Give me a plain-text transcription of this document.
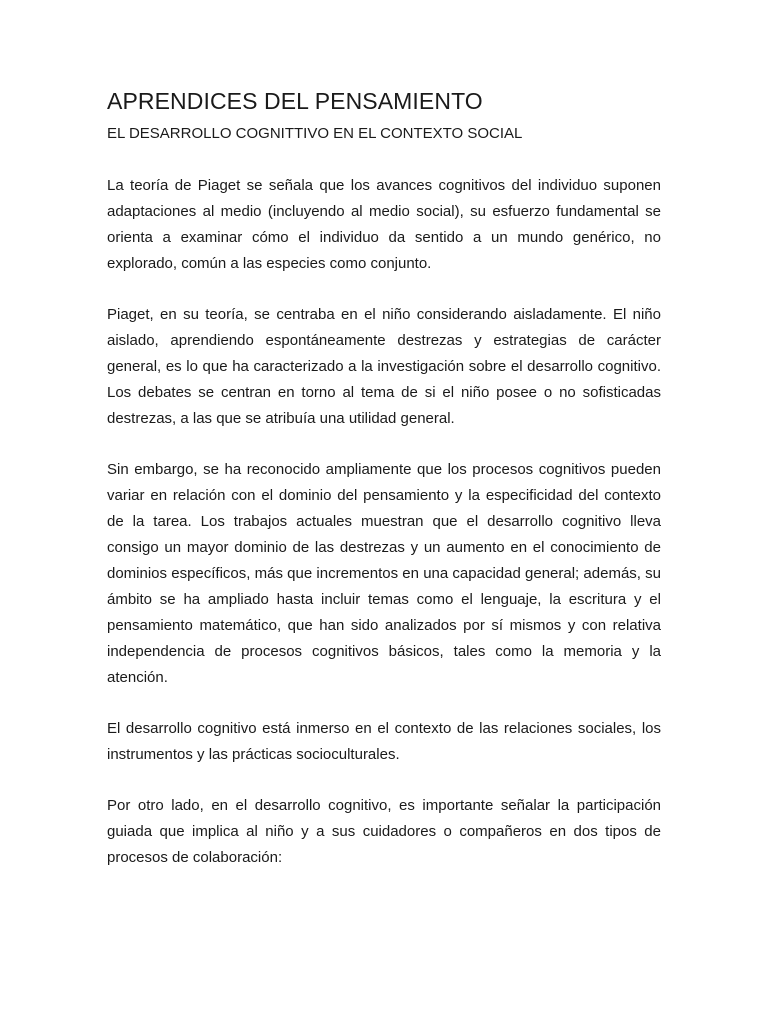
APRENDICES DEL PENSAMIENTO
EL DESARROLLO COGNITTIVO EN EL CONTEXTO SOCIAL

La teoría de Piaget se señala que los avances cognitivos del individuo suponen adaptaciones al medio (incluyendo al medio social), su esfuerzo fundamental se orienta a examinar cómo el individuo da sentido a un mundo genérico, no explorado, común a las especies como conjunto.

Piaget, en su teoría, se centraba en el niño considerando aisladamente. El niño aislado, aprendiendo espontáneamente destrezas y estrategias de carácter general, es lo que ha caracterizado a la investigación sobre el desarrollo cognitivo. Los debates se centran en torno al tema de si el niño posee o no sofisticadas destrezas, a las que se atribuía una utilidad general.

Sin embargo, se ha reconocido ampliamente que los procesos cognitivos pueden variar en relación con el dominio del pensamiento y la especificidad del contexto de la tarea. Los trabajos actuales muestran que el desarrollo cognitivo lleva consigo un mayor dominio de las destrezas y un aumento en el conocimiento de dominios específicos, más que incrementos en una capacidad general; además, su ámbito se ha ampliado hasta incluir temas como el lenguaje, la escritura y el pensamiento matemático, que han sido analizados por sí mismos y con relativa independencia de procesos cognitivos básicos, tales como la memoria y la atención.

El desarrollo cognitivo está inmerso en el contexto de las relaciones sociales, los instrumentos y las prácticas socioculturales.

Por otro lado, en el desarrollo cognitivo, es importante señalar la participación guiada que implica al niño y a sus cuidadores o compañeros en dos tipos de procesos de colaboración:
